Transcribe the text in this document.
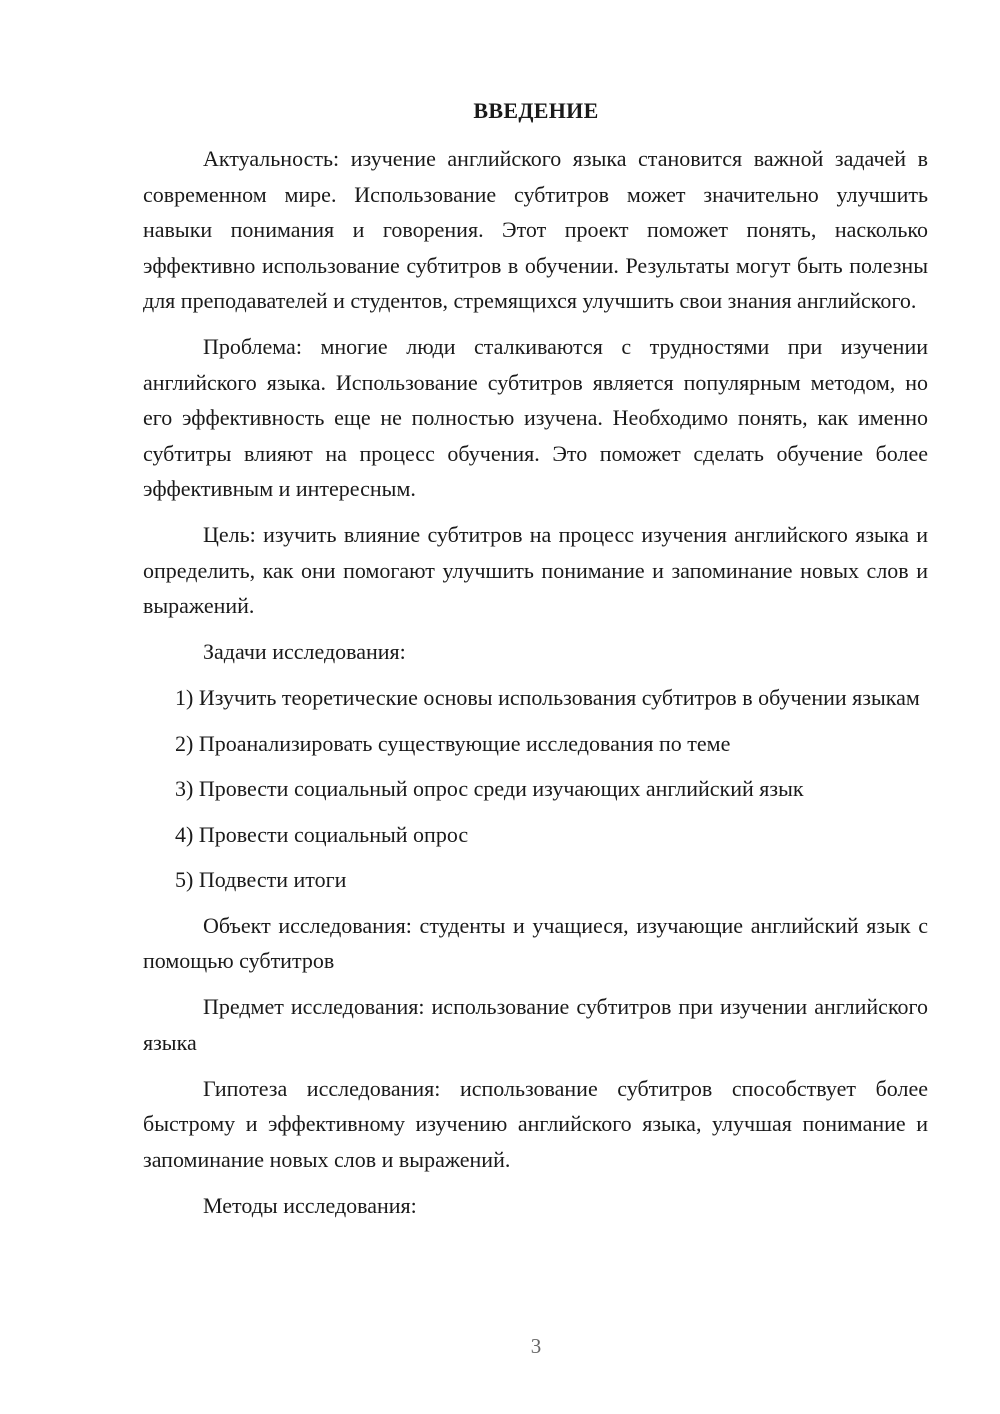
ВВЕДЕНИЕ

Актуальность: изучение английского языка становится важной задачей в современном мире. Использование субтитров может значительно улучшить навыки понимания и говорения. Этот проект поможет понять, насколько эффективно использование субтитров в обучении. Результаты могут быть полезны для преподавателей и студентов, стремящихся улучшить свои знания английского.

Проблема: многие люди сталкиваются с трудностями при изучении английского языка. Использование субтитров является популярным методом, но его эффективность еще не полностью изучена. Необходимо понять, как именно субтитры влияют на процесс обучения. Это поможет сделать обучение более эффективным и интересным.

Цель: изучить влияние субтитров на процесс изучения английского языка и определить, как они помогают улучшить понимание и запоминание новых слов и выражений.

Задачи исследования:

1) Изучить теоретические основы использования субтитров в обучении языкам

2) Проанализировать существующие исследования по теме

3) Провести социальный опрос среди изучающих английский язык

4) Провести социальный опрос

5) Подвести итоги

Объект исследования: студенты и учащиеся, изучающие английский язык с помощью субтитров

Предмет исследования: использование субтитров при изучении английского языка

Гипотеза исследования: использование субтитров способствует более быстрому и эффективному изучению английского языка, улучшая понимание и запоминание новых слов и выражений.

Методы исследования:

3
